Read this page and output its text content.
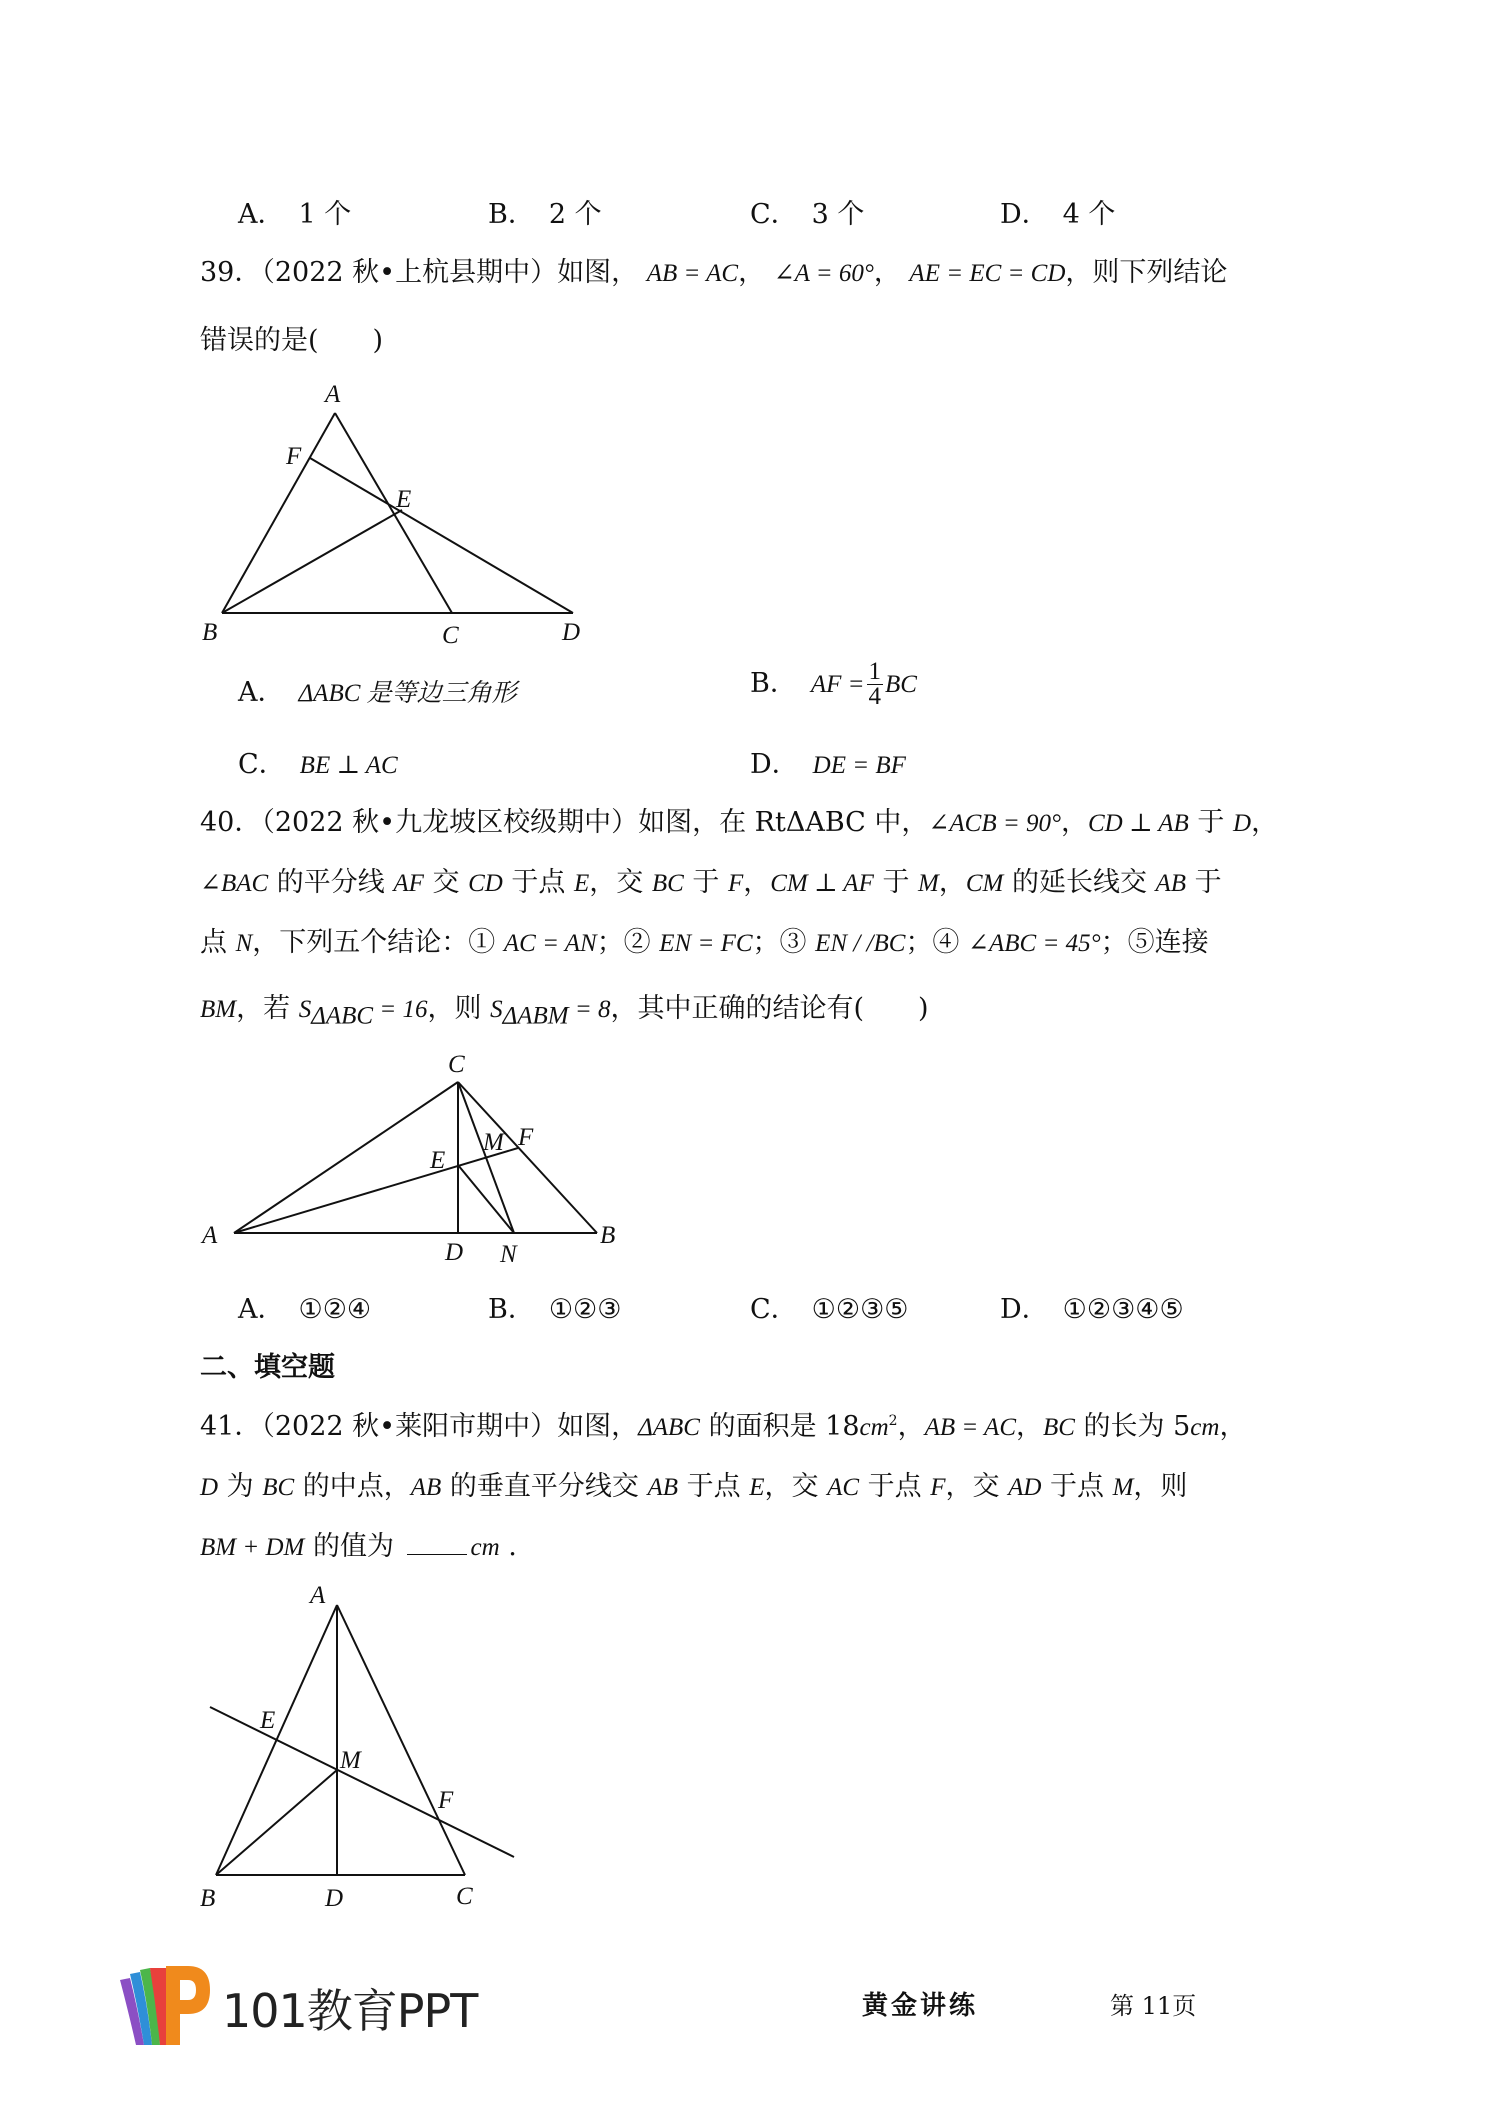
A． 1 个	B． 2 个	C． 3 个	D． 4 个
39．（2022 秋•上杭县期中）如图， AB = AC， ∠A = 60°， AE = EC = CD，则下列结论
错误的是(　　)
A
F
E
B	C	D
A． ΔABC 是等边三角形	B． AF = $\frac{1}{4}$ BC
C． BE ⊥ AC	D． DE = BF
40．（2022 秋•九龙坡区校级期中）如图，在 RtΔABC 中，∠ACB = 90°，CD ⊥ AB 于 D，
∠BAC 的平分线 AF 交 CD 于点 E，交 BC 于 F，CM ⊥ AF 于 M，CM 的延长线交 AB 于
点 N，下列五个结论：① AC = AN；② EN = FC；③ EN / /BC；④ ∠ABC = 45°；⑤连接
BM，若 $S_{\Delta ABC} = 16$，则 $S_{\Delta ABM} = 8$，其中正确的结论有(　　)
C
M F
E
A
D N
B
A． ①②④	B． ①②③	C． ①②③⑤	D． ①②③④⑤
二、填空题
41．（2022 秋•莱阳市期中）如图，ΔABC 的面积是 $18cm^2$，AB = AC，BC 的长为 5cm，
D 为 BC 的中点，AB 的垂直平分线交 AB 于点 E，交 AC 于点 F，交 AD 于点 M，则
BM + DM 的值为	cm .
A
E
M
F
B	D	C
101教育PPT	黄金讲练	第 11页
